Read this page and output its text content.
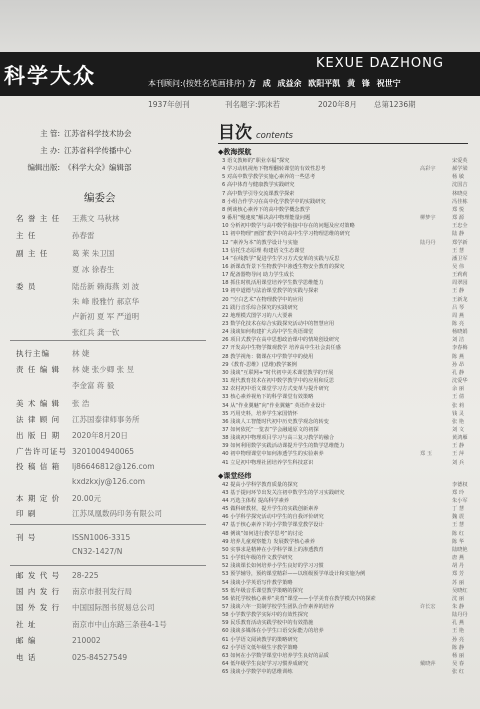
科学大众
KEXUE DAZHONG
本刊顾问:(按姓名笔画排序) 方 成 成益余 欧阳平凯 黄 锋 祝世宁
1937年创刊	刊名题字:郭沫若	2020年8月 总第1236期
主 管: 江苏省科学技术协会
主 办: 江苏省科学传播中心
编辑出版: 《科学大众》编辑部
编委会
名 誉 主 任 王燕文 马秋林
主 任	孙春雷
副 主 任	葛 莱 朱卫国
夏 冰 徐春生
委 员	陆岳新 赖海燕 刘 波
朱 峰 殷雅竹 郝京华
卢新初 夏 军 严道明
张红兵 龚一钦
执行主编	林 婕
责 任 编 辑 林 婕 张少卿 张 昱
李金富 蒋 毅
美 术 编 辑 张 浩
法 律 顾 问 江苏国泰律师事务所
出 版 日 期 2020年8月20日
广告许可证号 3201004940065
投 稿 信 箱 lj86646812@126.com
kxdzkxjy@126.com
本 期 定 价 20.00元
印 刷	江苏凤凰数码印务有限公司
刊 号	ISSN1006-3315
CN32-1427/N
邮 发 代 号 28-225
国 内 发 行 南京市报刊发行局
国 外 发 行 中国国际图书贸易总公司
社 址	南京市中山东路三条巷4-1号
邮 编	210002
电 话	025-84527549
目次 contents
◆教海探航
3 语文教师的“职业幸福”探究	宋爱英
4 学习动机视角下物理翻转课堂的有效性思考	高彩宇	郝学梁
5 对高中数学教学实施心素养的一些思考	杨 敏
6 高中体育与健康教学实践研究	沈国吉
7 高中数学引导交流课教学探索	林晓亮
8 小组合作学习在高中化学教学中的实践研究	冯佳栋
8 例谈核心素养下的高中数学概念教学	郑 悦
9 番用“慢速度”解决高中物理能量问题	柳梦宇	郑 源
10 分析初中数学与高中数学衔接中存在的问题及应对策略	王忠全
11 初中物理“画图”教学中的高中生学习物理思维的研究	陆 静
12 “素养为本”的教学设计与实施	陆丹丹	郑学新
13 信托生态原理 构建语文生态课堂	王 慧
14 “在线教学”促进学生学习方式变革的实践与反思	潘卫军
16 新课改背景下生物教学中渗透生物安全教育的探究	吴 伟
17 配备器物导问 助力学生成长	王莉莉
18 抓住时机活用课堂培养学生数学思维能力	周翠园
19 初中道德与法治课堂教学的实践与探索	王 静
20 “空白艺术”在物理教学中的应用	王新龙
21 践行音乐综合探究的实践研究	吕 琴
22 地理模式图学习的八大要素	周 燕
23 数学化技术在综合实践探究活动中的智慧应用	陈 亮
24 浅谈如何构建扩大高中学生英语课堂	杨晓娟
26 项目式教学在高中思想政治课中的情境创设研究	刘 洁
27 开发高中生物学微观教学 培养高中生社会责任感	李春梅
28 教学视角：微课在中学数学中的使用	陈 燕
29《教育-思维》(思维)教学案例	孙 昂
30 浅谈“互联网+”时代初中美术课堂教学的开展	孔 静
31 现代教育技术在初中数学教学中的应用和反思	沈爱华
32 农村初中语文课堂学习方式变革与提升研究	余 丽
33 核心素养视角下的科学课堂有效策略	王 倩
34 从“作业翼魅”向“作业翼魅” 英语作业设计	张 莉
35 巧用史料，培养学生家国情怀	钱 灵
36 浅谈人工智能时代初中历史教学观念的转变	张 艳
37 如何依托“一览表”学会融通原文的初探	刘 文
38 浅谈初中物理项目学习与高三复习教学的融合	黄鸿雁
39 如何利用数学实践活动课提升学生的数学思维能力	王 静
40 初中物理课堂中如何渗透学生的实验素养	郑 玉	王 萍
41 立足初中物理社团培养学生科技意识	刘 兵
◆课堂经纬
42 提高小学科学教育质量的探究	李德权
43 基于提问环节出发关注初中数学生的学习实践研究	郑 玲
44 巧选主体程 提高科学素养	朱小军
45 做科研教材，提升学生的实践创新素养	丁 慧
46 小学科学探究活动中学生的自我评价研究	魏 震
47 基于核心素养下的小学数学课堂教学设计	王 慧
48 例谈“如何进行教学思考”的讨论	陈 红
49 培养儿童观察能力 发展数学核心素养	陈 华
50 实事求是精神在小学科学课上的渗透教育	陆晓艳
51 小学低年级的作文教学研究	唐 燕
52 浅谈课长如何培养小学生良好的学习习惯	胡 丹
53 预学辅导，预约课堂精彩——以班级预学单设计和实施为例	郑 芳
54 浅谈小学英语写作教学策略	苏 丽
55 低年级音乐课堂教学策略的探究	吴晓红
56 依托学校核心素养“美育”课堂——小学美育在教学模式中的探索	沈 丽
57 浅谈六年一贯制学校学生团队合作素养的培养	许长宏	朱 静
58 小学数学教学实际中的有效性探究	陆丹丹
59 民乐教育活动实践学校中的有效措施	孔 燕
60 浅谈多媒体在小学生口语交际能力的培养	王 艳
61 小学语文阅读教学的策略研究	孙 亮
62 小学语文低年级生字教学策略	陈 静
63 如何在小学数学课堂中培养学生良好的品质	杨 丽
64 低年级学生良好学习习惯养成研究	戴晓萍	吴 春
65 浅谈小学数学中的思维训练	张 红
